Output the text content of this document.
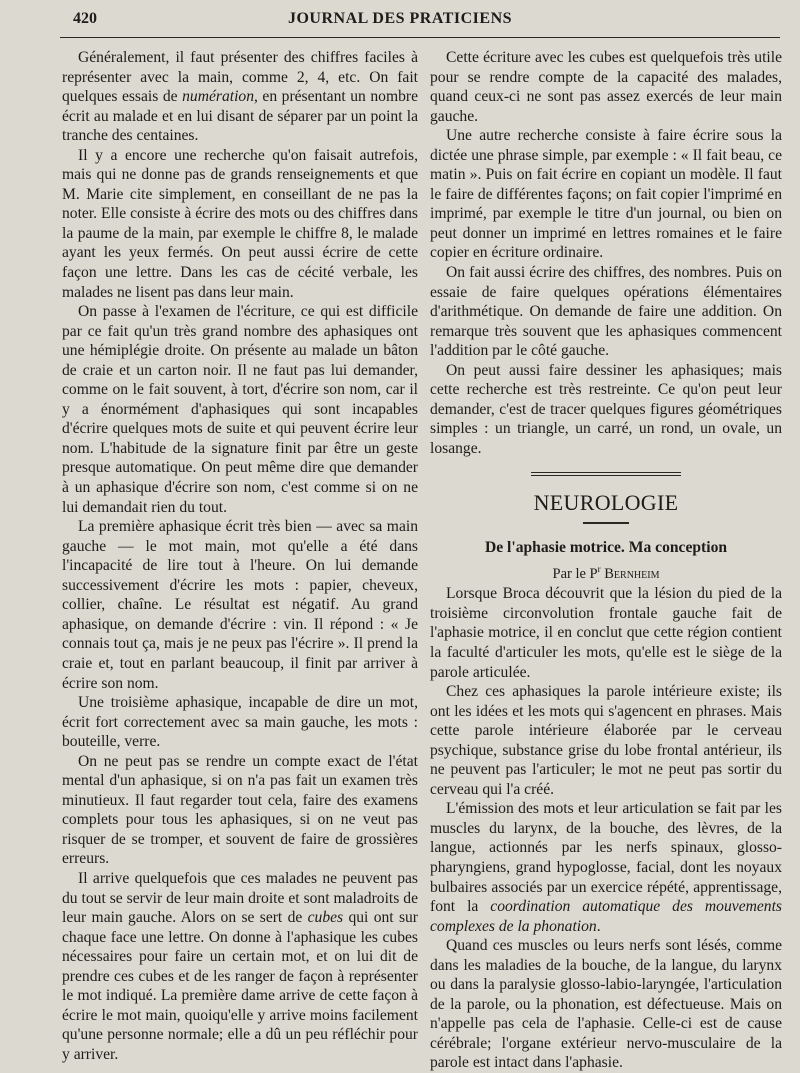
420	JOURNAL DES PRATICIENS

Généralement, il faut présenter des chiffres faciles à représenter avec la main, comme 2, 4, etc. On fait quelques essais de numération, en présentant un nombre écrit au malade et en lui disant de séparer par un point la tranche des centaines.

Il y a encore une recherche qu'on faisait autrefois, mais qui ne donne pas de grands renseignements et que M. Marie cite simplement, en conseillant de ne pas la noter. Elle consiste à écrire des mots ou des chiffres dans la paume de la main, par exemple le chiffre 8, le malade ayant les yeux fermés. On peut aussi écrire de cette façon une lettre. Dans les cas de cécité verbale, les malades ne lisent pas dans leur main.

On passe à l'examen de l'écriture, ce qui est difficile par ce fait qu'un très grand nombre des aphasiques ont une hémiplégie droite. On présente au malade un bâton de craie et un carton noir. Il ne faut pas lui demander, comme on le fait souvent, à tort, d'écrire son nom, car il y a énormément d'aphasiques qui sont incapables d'écrire quelques mots de suite et qui peuvent écrire leur nom. L'habitude de la signature finit par être un geste presque automatique. On peut même dire que demander à un aphasique d'écrire son nom, c'est comme si on ne lui demandait rien du tout.

La première aphasique écrit très bien — avec sa main gauche — le mot main, mot qu'elle a été dans l'incapacité de lire tout à l'heure. On lui demande successivement d'écrire les mots : papier, cheveux, collier, chaîne. Le résultat est négatif. Au grand aphasique, on demande d'écrire : vin. Il répond : « Je connais tout ça, mais je ne peux pas l'écrire ». Il prend la craie et, tout en parlant beaucoup, il finit par arriver à écrire son nom.

Une troisième aphasique, incapable de dire un mot, écrit fort correctement avec sa main gauche, les mots : bouteille, verre.

On ne peut pas se rendre un compte exact de l'état mental d'un aphasique, si on n'a pas fait un examen très minutieux. Il faut regarder tout cela, faire des examens complets pour tous les aphasiques, si on ne veut pas risquer de se tromper, et souvent de faire de grossières erreurs.

Il arrive quelquefois que ces malades ne peuvent pas du tout se servir de leur main droite et sont maladroits de leur main gauche. Alors on se sert de cubes qui ont sur chaque face une lettre. On donne à l'aphasique les cubes nécessaires pour faire un certain mot, et on lui dit de prendre ces cubes et de les ranger de façon à représenter le mot indiqué. La première dame arrive de cette façon à écrire le mot main, quoiqu'elle y arrive moins facilement qu'une personne normale; elle a dû un peu réfléchir pour y arriver.

Cette écriture avec les cubes est quelquefois très utile pour se rendre compte de la capacité des malades, quand ceux-ci ne sont pas assez exercés de leur main gauche.

Une autre recherche consiste à faire écrire sous la dictée une phrase simple, par exemple : « Il fait beau, ce matin ». Puis on fait écrire en copiant un modèle. Il faut le faire de différentes façons; on fait copier l'imprimé en imprimé, par exemple le titre d'un journal, ou bien on peut donner un imprimé en lettres romaines et le faire copier en écriture ordinaire.

On fait aussi écrire des chiffres, des nombres. Puis on essaie de faire quelques opérations élémentaires d'arithmétique. On demande de faire une addition. On remarque très souvent que les aphasiques commencent l'addition par le côté gauche.

On peut aussi faire dessiner les aphasiques; mais cette recherche est très restreinte. Ce qu'on peut leur demander, c'est de tracer quelques figures géométriques simples : un triangle, un carré, un rond, un ovale, un losange.

NEUROLOGIE
De l'aphasie motrice. Ma conception
Par le $P^r$ Bernheim

Lorsque Broca découvrit que la lésion du pied de la troisième circonvolution frontale gauche fait de l'aphasie motrice, il en conclut que cette région contient la faculté d'articuler les mots, qu'elle est le siège de la parole articulée.

Chez ces aphasiques la parole intérieure existe; ils ont les idées et les mots qui s'agencent en phrases. Mais cette parole intérieure élaborée par le cerveau psychique, substance grise du lobe frontal antérieur, ils ne peuvent pas l'articuler; le mot ne peut pas sortir du cerveau qui l'a créé.

L'émission des mots et leur articulation se fait par les muscles du larynx, de la bouche, des lèvres, de la langue, actionnés par les nerfs spinaux, glosso-pharyngiens, grand hypoglosse, facial, dont les noyaux bulbaires associés par un exercice répété, apprentissage, font la coordination automatique des mouvements complexes de la phonation.

Quand ces muscles ou leurs nerfs sont lésés, comme dans les maladies de la bouche, de la langue, du larynx ou dans la paralysie glosso-labio-laryngée, l'articulation de la parole, ou la phonation, est défectueuse. Mais on n'appelle pas cela de l'aphasie. Celle-ci est de cause cérébrale; l'organe extérieur nervo-musculaire de la parole est intact dans l'aphasie.
